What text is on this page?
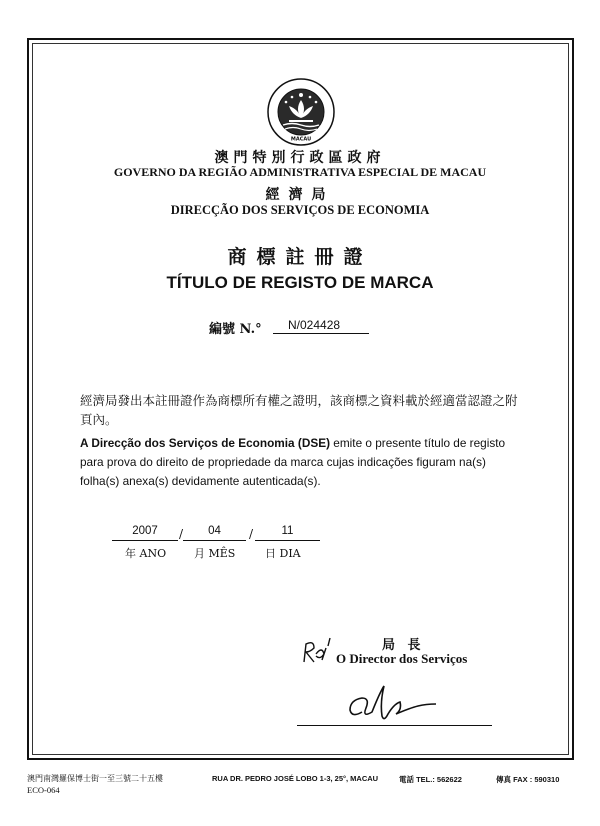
MACAU
澳門特別行政區政府
GOVERNO DA REGIÃO ADMINISTRATIVA ESPECIAL DE MACAU
經濟局
DIRECÇÃO DOS SERVIÇOS DE ECONOMIA
商標註冊證
TÍTULO DE REGISTO DE MARCA
編號 N.° N/024428
經濟局發出本註冊證作為商標所有權之證明，該商標之資料載於經適當認證之附頁內。
A Direcção dos Serviços de Economia (DSE) emite o presente título de registo para prova do direito de propriedade da marca cujas indicações figuram na(s) folha(s) anexa(s) devidamente autenticada(s).
2007	/	04	/	11
年 ANO	月 MÊS	日 DIA
局 長
O Director dos Serviços
澳門南灣羅保博士街一至三號二十五樓	RUA DR. PEDRO JOSÉ LOBO 1-3, 25°, MACAU	電話 TEL.: 562622	傳真 FAX : 590310
ECO-064
